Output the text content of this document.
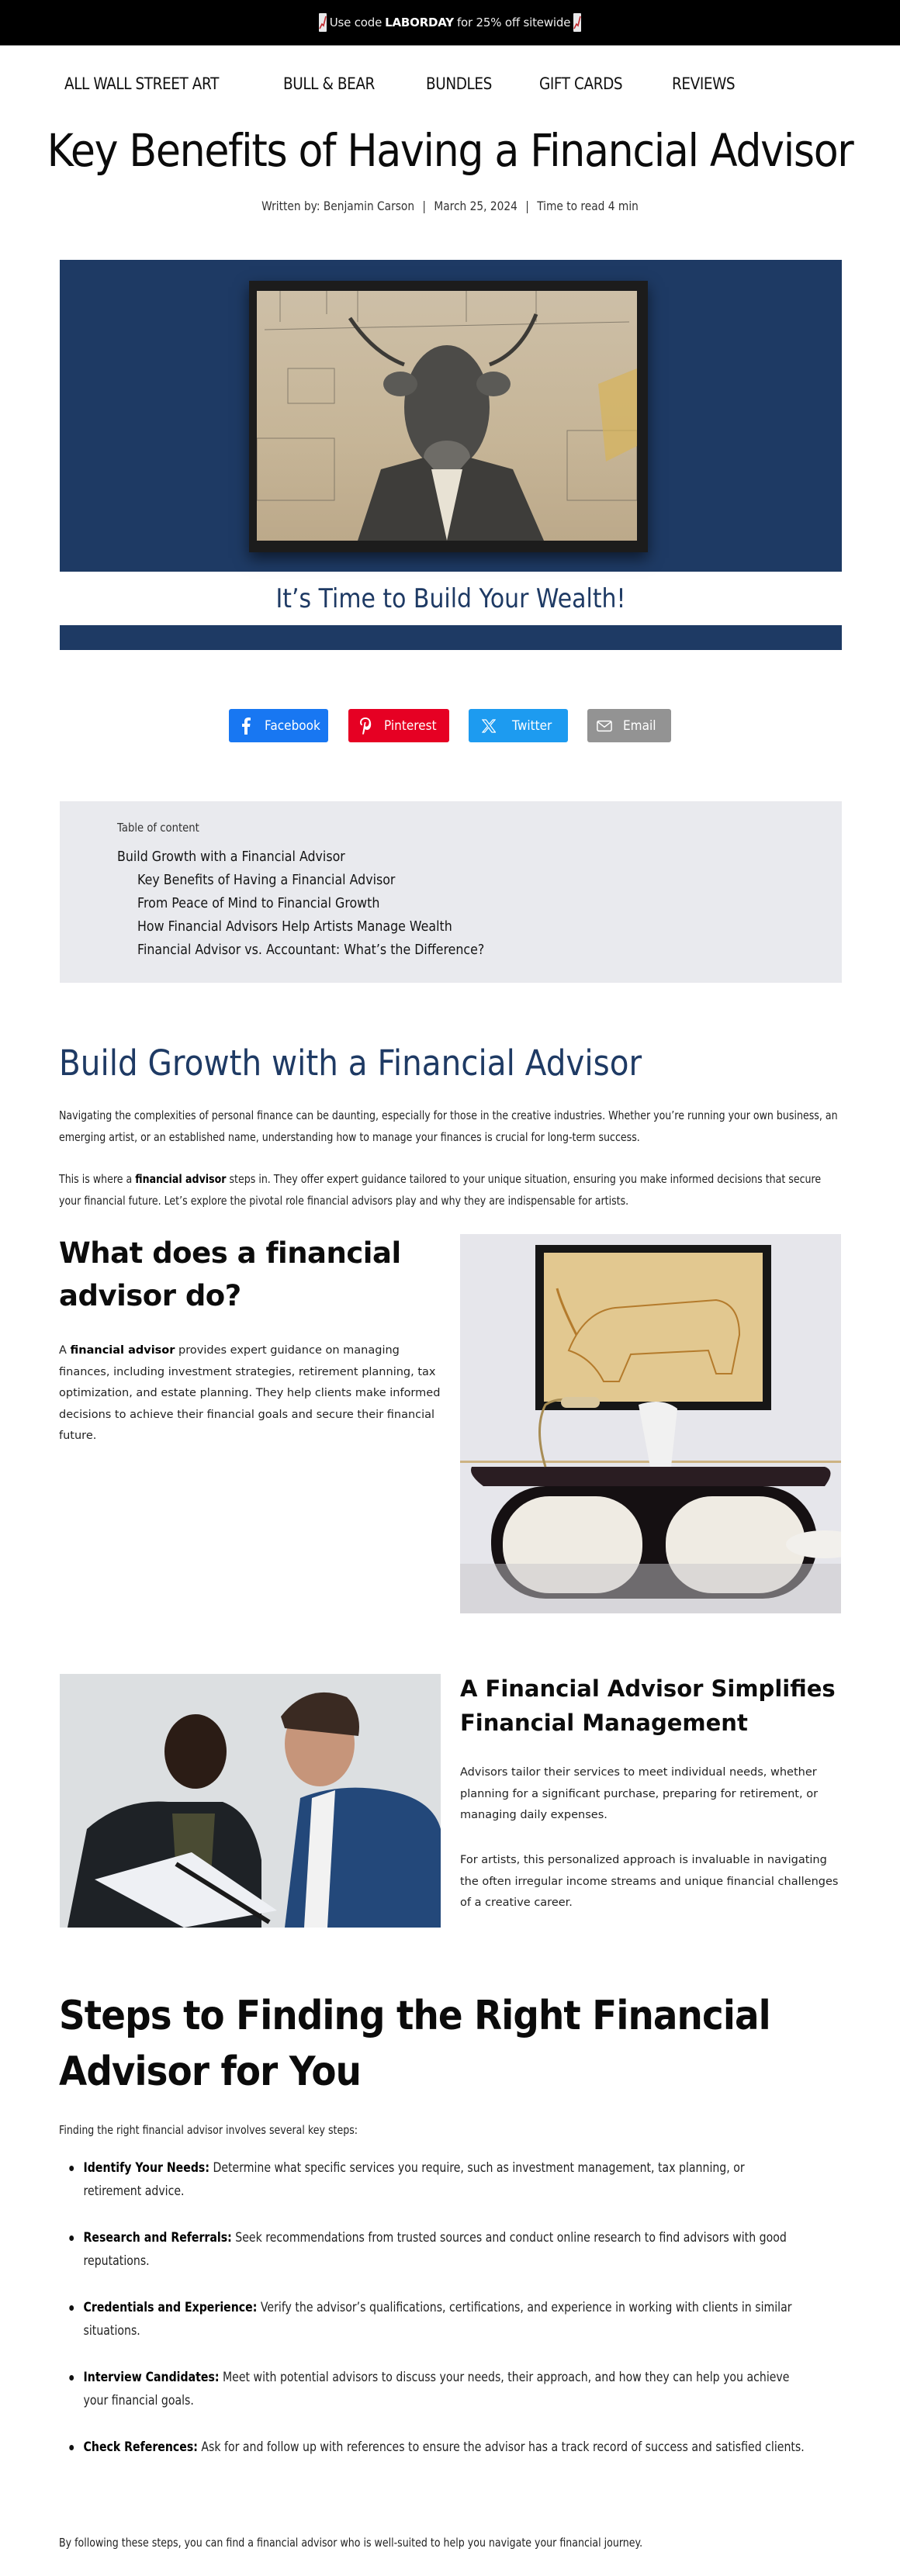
Use code LABORDAY for 25% off sitewide
ALL WALL STREET ART	BULL & BEAR	BUNDLES	GIFT CARDS	REVIEWS
Key Benefits of Having a Financial Advisor
Written by: Benjamin Carson | March 25, 2024 | Time to read 4 min
It’s Time to Build Your Wealth!
Facebook	Pinterest	Twitter	Email
Table of content
Build Growth with a Financial Advisor
Key Benefits of Having a Financial Advisor
From Peace of Mind to Financial Growth
How Financial Advisors Help Artists Manage Wealth
Financial Advisor vs. Accountant: What’s the Difference?
Build Growth with a Financial Advisor

Navigating the complexities of personal finance can be daunting, especially for those in the creative industries. Whether you’re running your own business, an emerging artist, or an established name, understanding how to manage your finances is crucial for long-term success.

This is where a financial advisor steps in. They offer expert guidance tailored to your unique situation, ensuring you make informed decisions that secure your financial future. Let’s explore the pivotal role financial advisors play and why they are indispensable for artists.

What does a financial advisor do?

A financial advisor provides expert guidance on managing finances, including investment strategies, retirement planning, tax optimization, and estate planning. They help clients make informed decisions to achieve their financial goals and secure their financial future.

A Financial Advisor Simplifies Financial Management

Advisors tailor their services to meet individual needs, whether planning for a significant purchase, preparing for retirement, or managing daily expenses.

For artists, this personalized approach is invaluable in navigating the often irregular income streams and unique financial challenges of a creative career.

Steps to Finding the Right Financial Advisor for You

Finding the right financial advisor involves several key steps:

Identify Your Needs: Determine what specific services you require, such as investment management, tax planning, or retirement advice.
Research and Referrals: Seek recommendations from trusted sources and conduct online research to find advisors with good reputations.
Credentials and Experience: Verify the advisor’s qualifications, certifications, and experience in working with clients in similar situations.
Interview Candidates: Meet with potential advisors to discuss your needs, their approach, and how they can help you achieve your financial goals.
Check References: Ask for and follow up with references to ensure the advisor has a track record of success and satisfied clients.

By following these steps, you can find a financial advisor who is well-suited to help you navigate your financial journey.
